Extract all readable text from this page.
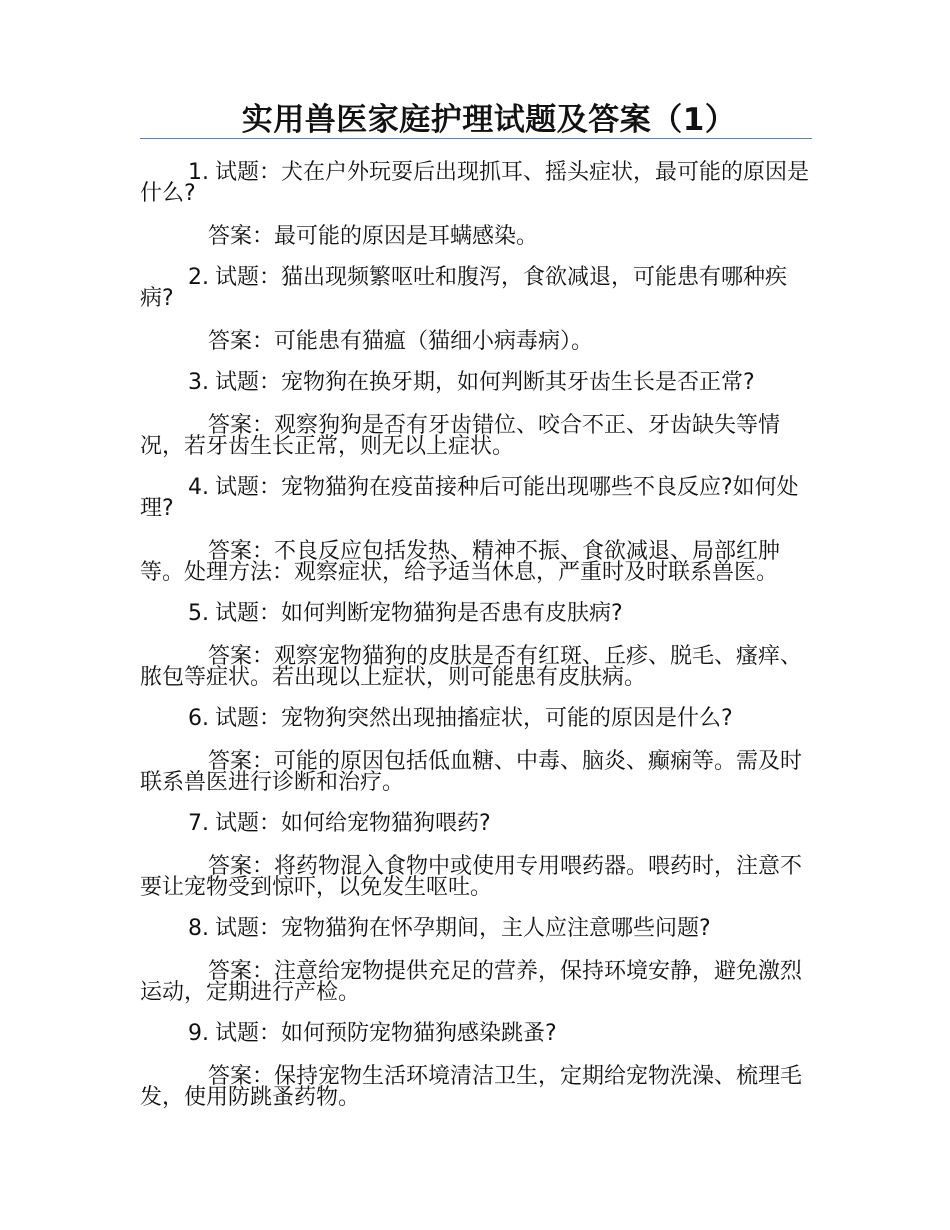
实用兽医家庭护理试题及答案（1）

1. 试题：犬在户外玩耍后出现抓耳、摇头症状，最可能的原因是什么?

答案：最可能的原因是耳螨感染。

2. 试题：猫出现频繁呕吐和腹泻，食欲减退，可能患有哪种疾病?

答案：可能患有猫瘟（猫细小病毒病）。

3. 试题：宠物狗在换牙期，如何判断其牙齿生长是否正常?

答案：观察狗狗是否有牙齿错位、咬合不正、牙齿缺失等情况，若牙齿生长正常，则无以上症状。

4. 试题：宠物猫狗在疫苗接种后可能出现哪些不良反应?如何处理?

答案：不良反应包括发热、精神不振、食欲减退、局部红肿等。处理方法：观察症状，给予适当休息，严重时及时联系兽医。

5. 试题：如何判断宠物猫狗是否患有皮肤病?

答案：观察宠物猫狗的皮肤是否有红斑、丘疹、脱毛、瘙痒、脓包等症状。若出现以上症状，则可能患有皮肤病。

6. 试题：宠物狗突然出现抽搐症状，可能的原因是什么?

答案：可能的原因包括低血糖、中毒、脑炎、癫痫等。需及时联系兽医进行诊断和治疗。

7. 试题：如何给宠物猫狗喂药?

答案：将药物混入食物中或使用专用喂药器。喂药时，注意不要让宠物受到惊吓，以免发生呕吐。

8. 试题：宠物猫狗在怀孕期间，主人应注意哪些问题?

答案：注意给宠物提供充足的营养，保持环境安静，避免激烈运动，定期进行产检。

9. 试题：如何预防宠物猫狗感染跳蚤?

答案：保持宠物生活环境清洁卫生，定期给宠物洗澡、梳理毛发，使用防跳蚤药物。
